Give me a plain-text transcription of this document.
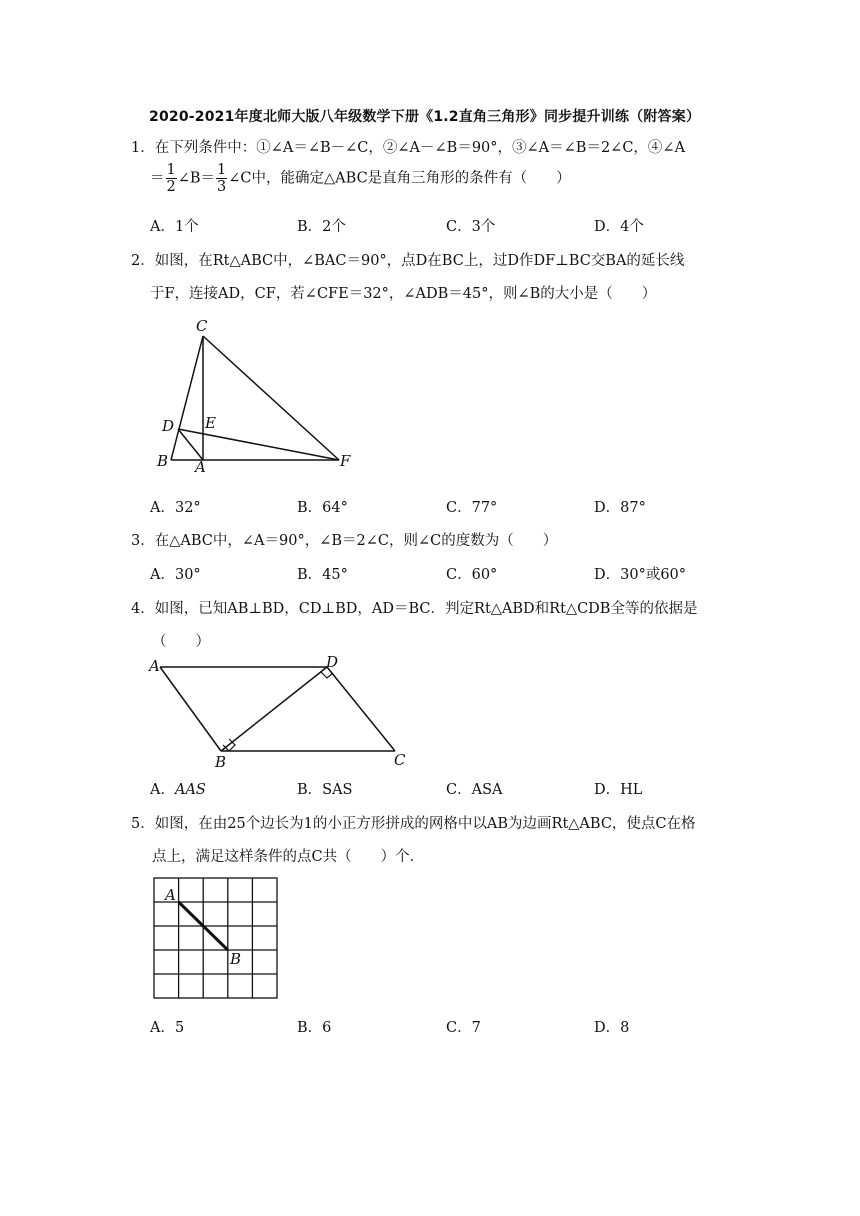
2020-2021年度北师大版八年级数学下册《1.2直角三角形》同步提升训练（附答案）
1．在下列条件中：①∠A＝∠B－∠C，②∠A－∠B＝90°，③∠A＝∠B＝2∠C，④∠A
＝ $\frac{1}{2}$ ∠B＝ $\frac{1}{3}$ ∠C中，能确定△ABC是直角三角形的条件有（　　）
A．1个	B．2个	C．3个	D．4个
2．如图，在Rt△ABC中，∠BAC＝90°，点D在BC上，过D作DF⊥BC交BA的延长线
于F，连接AD，CF，若∠CFE＝32°，∠ADB＝45°，则∠B的大小是（　　）
C
D E
B A	F
A．32°	B．64°	C．77°	D．87°
3．在△ABC中，∠A＝90°，∠B＝2∠C，则∠C的度数为（　　）
A．30°	B．45°	C．60°	D．30°或60°
4．如图，已知AB⊥BD，CD⊥BD，AD＝BC．判定Rt△ABD和Rt△CDB全等的依据是
（　　）
A	D
B	C
A．AAS	B．SAS	C．ASA	D．HL
5．如图，在由25个边长为1的小正方形拼成的网格中以AB为边画Rt△ABC，使点C在格
点上，满足这样条件的点C共（　　）个．
A
B
A．5	B．6	C．7	D．8
